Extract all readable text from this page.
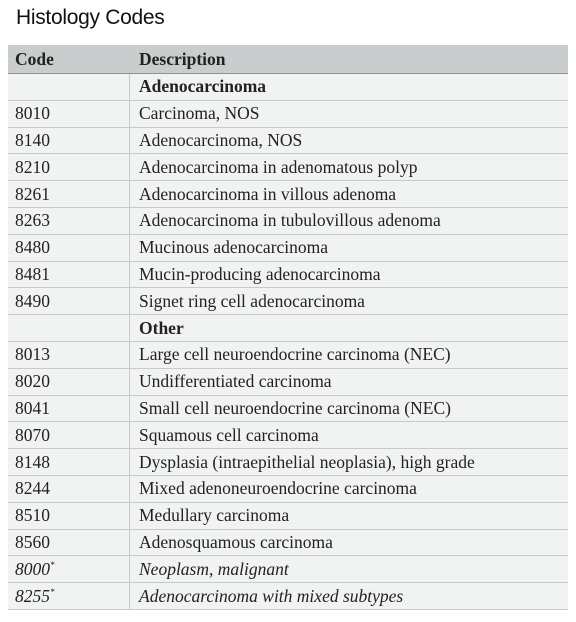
Histology Codes
Code	Description
	Adenocarcinoma
8010	Carcinoma, NOS
8140	Adenocarcinoma, NOS
8210	Adenocarcinoma in adenomatous polyp
8261	Adenocarcinoma in villous adenoma
8263	Adenocarcinoma in tubulovillous adenoma
8480	Mucinous adenocarcinoma
8481	Mucin-producing adenocarcinoma
8490	Signet ring cell adenocarcinoma
	Other
8013	Large cell neuroendocrine carcinoma (NEC)
8020	Undifferentiated carcinoma
8041	Small cell neuroendocrine carcinoma (NEC)
8070	Squamous cell carcinoma
8148	Dysplasia (intraepithelial neoplasia), high grade
8244	Mixed adenoneuroendocrine carcinoma
8510	Medullary carcinoma
8560	Adenosquamous carcinoma
8000*	Neoplasm, malignant
8255*	Adenocarcinoma with mixed subtypes
